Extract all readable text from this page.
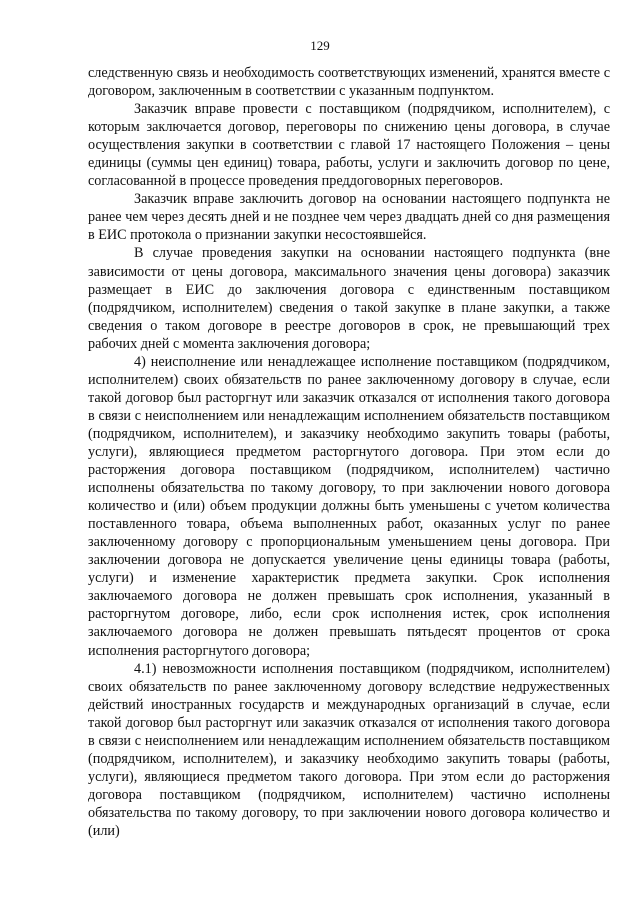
129

следственную связь и необходимость соответствующих изменений, хранятся вместе с договором, заключенным в соответствии с указанным подпунктом.

Заказчик вправе провести с поставщиком (подрядчиком, исполнителем), с которым заключается договор, переговоры по снижению цены договора, в случае осуществления закупки в соответствии с главой 17 настоящего Положения – цены единицы (суммы цен единиц) товара, работы, услуги и заключить договор по цене, согласованной в процессе проведения преддоговорных переговоров.

Заказчик вправе заключить договор на основании настоящего подпункта не ранее чем через десять дней и не позднее чем через двадцать дней со дня размещения в ЕИС протокола о признании закупки несостоявшейся.

В случае проведения закупки на основании настоящего подпункта (вне зависимости от цены договора, максимального значения цены договора) заказчик размещает в ЕИС до заключения договора с единственным поставщиком (подрядчиком, исполнителем) сведения о такой закупке в плане закупки, а также сведения о таком договоре в реестре договоров в срок, не превышающий трех рабочих дней с момента заключения договора;

4) неисполнение или ненадлежащее исполнение поставщиком (подрядчиком, исполнителем) своих обязательств по ранее заключенному договору в случае, если такой договор был расторгнут или заказчик отказался от исполнения такого договора в связи с неисполнением или ненадлежащим исполнением обязательств поставщиком (подрядчиком, исполнителем), и заказчику необходимо закупить товары (работы, услуги), являющиеся предметом расторгнутого договора. При этом если до расторжения договора поставщиком (подрядчиком, исполнителем) частично исполнены обязательства по такому договору, то при заключении нового договора количество и (или) объем продукции должны быть уменьшены с учетом количества поставленного товара, объема выполненных работ, оказанных услуг по ранее заключенному договору с пропорциональным уменьшением цены договора. При заключении договора не допускается увеличение цены единицы товара (работы, услуги) и изменение характеристик предмета закупки. Срок исполнения заключаемого договора не должен превышать срок исполнения, указанный в расторгнутом договоре, либо, если срок исполнения истек, срок исполнения заключаемого договора не должен превышать пятьдесят процентов от срока исполнения расторгнутого договора;

4.1) невозможности исполнения поставщиком (подрядчиком, исполнителем) своих обязательств по ранее заключенному договору вследствие недружественных действий иностранных государств и международных организаций в случае, если такой договор был расторгнут или заказчик отказался от исполнения такого договора в связи с неисполнением или ненадлежащим исполнением обязательств поставщиком (подрядчиком, исполнителем), и заказчику необходимо закупить товары (работы, услуги), являющиеся предметом такого договора. При этом если до расторжения договора поставщиком (подрядчиком, исполнителем) частично исполнены обязательства по такому договору, то при заключении нового договора количество и (или)
